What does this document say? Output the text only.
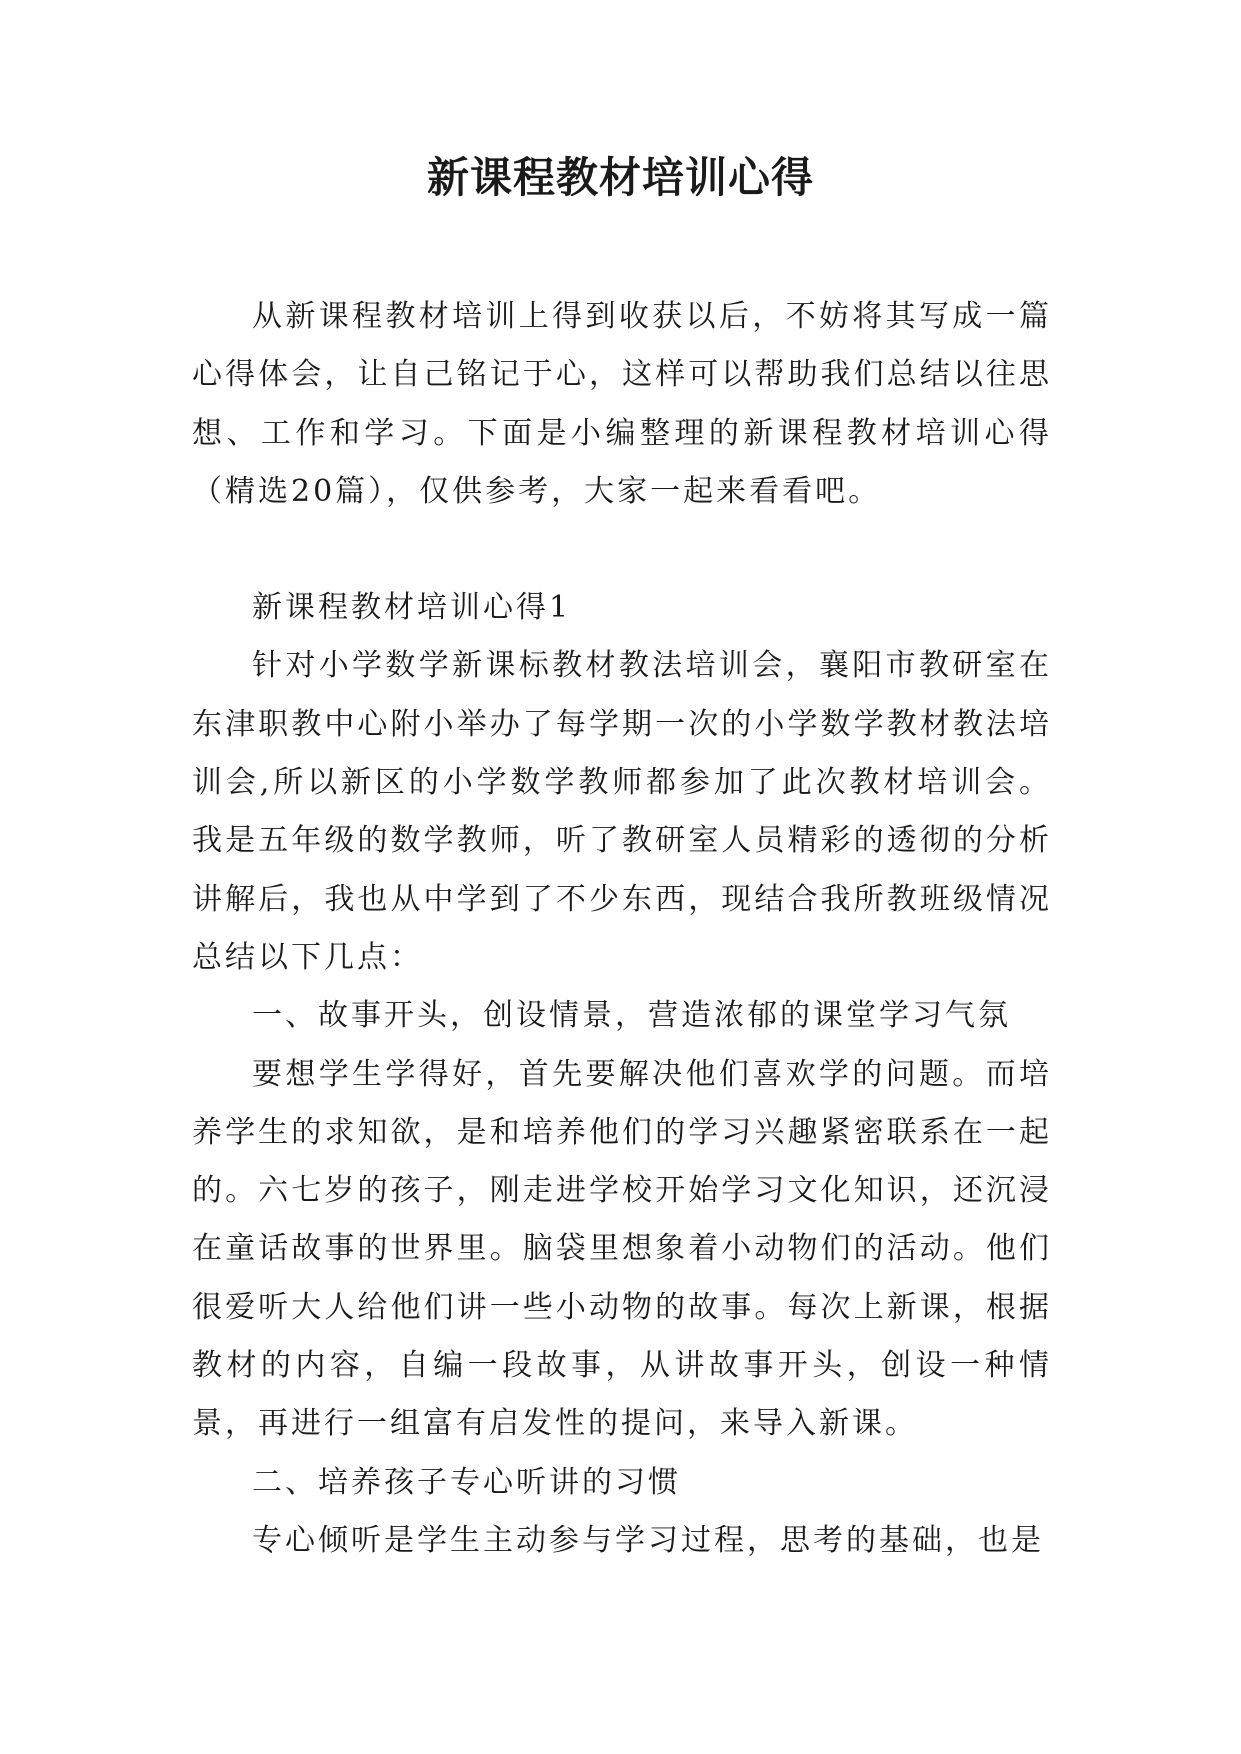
新课程教材培训心得

从新课程教材培训上得到收获以后，不妨将其写成一篇心得体会，让自己铭记于心，这样可以帮助我们总结以往思想、工作和学习。下面是小编整理的新课程教材培训心得（精选20篇），仅供参考，大家一起来看看吧。

新课程教材培训心得1

针对小学数学新课标教材教法培训会，襄阳市教研室在东津职教中心附小举办了每学期一次的小学数学教材教法培训会,所以新区的小学数学教师都参加了此次教材培训会。我是五年级的数学教师，听了教研室人员精彩的透彻的分析讲解后，我也从中学到了不少东西，现结合我所教班级情况总结以下几点：

一、故事开头，创设情景，营造浓郁的课堂学习气氛

要想学生学得好，首先要解决他们喜欢学的问题。而培养学生的求知欲，是和培养他们的学习兴趣紧密联系在一起的。六七岁的孩子，刚走进学校开始学习文化知识，还沉浸在童话故事的世界里。脑袋里想象着小动物们的活动。他们很爱听大人给他们讲一些小动物的故事。每次上新课，根据教材的内容，自编一段故事，从讲故事开头，创设一种情景，再进行一组富有启发性的提问，来导入新课。

二、培养孩子专心听讲的习惯

专心倾听是学生主动参与学习过程，思考的基础，也是
